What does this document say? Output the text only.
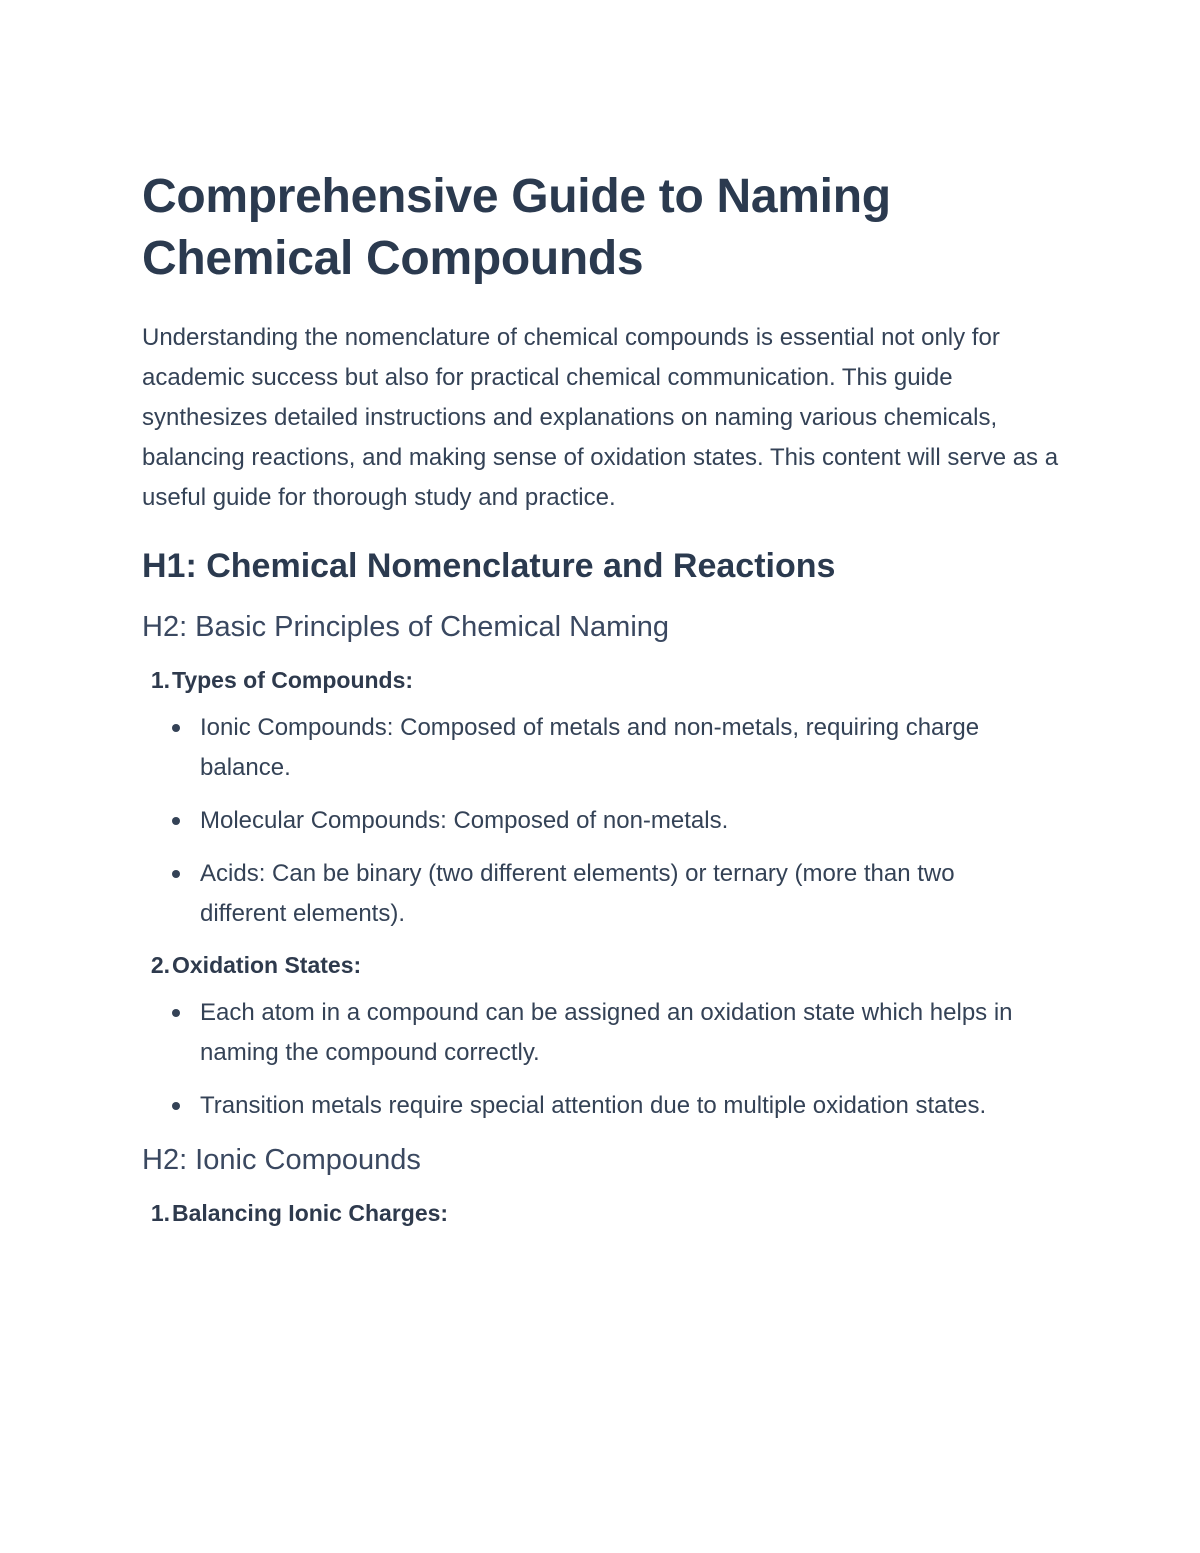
Comprehensive Guide to Naming Chemical Compounds

Understanding the nomenclature of chemical compounds is essential not only for academic success but also for practical chemical communication. This guide synthesizes detailed instructions and explanations on naming various chemicals, balancing reactions, and making sense of oxidation states. This content will serve as a useful guide for thorough study and practice.

H1: Chemical Nomenclature and Reactions
H2: Basic Principles of Chemical Naming
1. Types of Compounds:
Ionic Compounds: Composed of metals and non-metals, requiring charge balance.
Molecular Compounds: Composed of non-metals.
Acids: Can be binary (two different elements) or ternary (more than two different elements).
2. Oxidation States:
Each atom in a compound can be assigned an oxidation state which helps in naming the compound correctly.
Transition metals require special attention due to multiple oxidation states.
H2: Ionic Compounds
1. Balancing Ionic Charges:
